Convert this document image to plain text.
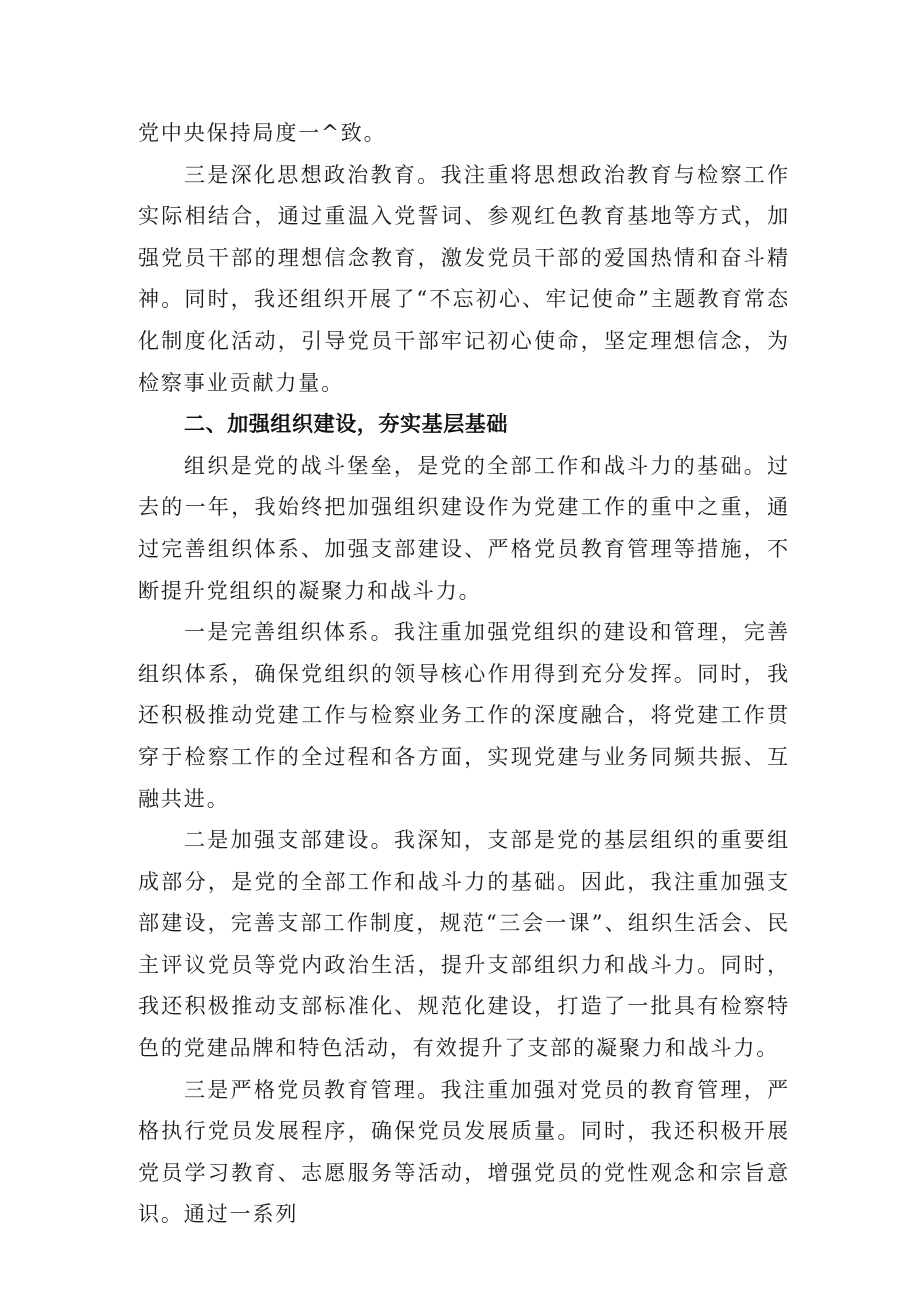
党中央保持局度一^致。

三是深化思想政治教育。我注重将思想政治教育与检察工作实际相结合，通过重温入党誓词、参观红色教育基地等方式，加强党员干部的理想信念教育，激发党员干部的爱国热情和奋斗精神。同时，我还组织开展了“不忘初心、牢记使命”主题教育常态化制度化活动，引导党员干部牢记初心使命，坚定理想信念，为检察事业贡献力量。

二、加强组织建设，夯实基层基础

组织是党的战斗堡垒，是党的全部工作和战斗力的基础。过去的一年，我始终把加强组织建设作为党建工作的重中之重，通过完善组织体系、加强支部建设、严格党员教育管理等措施，不断提升党组织的凝聚力和战斗力。

一是完善组织体系。我注重加强党组织的建设和管理，完善组织体系，确保党组织的领导核心作用得到充分发挥。同时，我还积极推动党建工作与检察业务工作的深度融合，将党建工作贯穿于检察工作的全过程和各方面，实现党建与业务同频共振、互融共进。

二是加强支部建设。我深知，支部是党的基层组织的重要组成部分，是党的全部工作和战斗力的基础。因此，我注重加强支部建设，完善支部工作制度，规范“三会一课”、组织生活会、民主评议党员等党内政治生活，提升支部组织力和战斗力。同时，我还积极推动支部标准化、规范化建设，打造了一批具有检察特色的党建品牌和特色活动，有效提升了支部的凝聚力和战斗力。

三是严格党员教育管理。我注重加强对党员的教育管理，严格执行党员发展程序，确保党员发展质量。同时，我还积极开展党员学习教育、志愿服务等活动，增强党员的党性观念和宗旨意识。通过一系列
